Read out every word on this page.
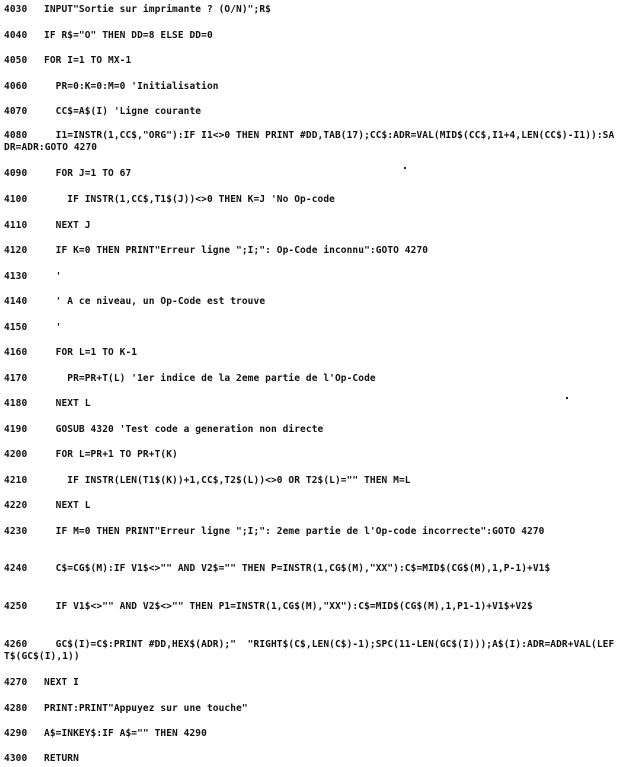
4030 INPUT"Sortie sur imprimante ? (O/N)";R$
4040 IF R$="O" THEN DD=8 ELSE DD=0
4050 FOR I=1 TO MX-1
4060  PR=0:K=0:M=0 'Initialisation
4070  CC$=A$(I) 'Ligne courante
4080  I1=INSTR(1,CC$,"ORG"):IF I1<>0 THEN PRINT #DD,TAB(17);CC$:ADR=VAL(MID$(CC$,I1+4,LEN(CC$)-I1)):SADR=ADR:GOTO 4270
4090  FOR J=1 TO 67
4100    IF INSTR(1,CC$,T1$(J))<>0 THEN K=J 'No Op-code
4110  NEXT J
4120  IF K=0 THEN PRINT"Erreur ligne ";I;": Op-Code inconnu":GOTO 4270
4130  '
4140  ' A ce niveau, un Op-Code est trouve
4150  '
4160  FOR L=1 TO K-1
4170    PR=PR+T(L) '1er indice de la 2eme partie de l'Op-Code
4180  NEXT L
4190  GOSUB 4320 'Test code a generation non directe
4200  FOR L=PR+1 TO PR+T(K)
4210    IF INSTR(LEN(T1$(K))+1,CC$,T2$(L))<>0 OR T2$(L)="" THEN M=L
4220  NEXT L
4230  IF M=0 THEN PRINT"Erreur ligne ";I;": 2eme partie de l'Op-code incorrecte":GOTO 4270
4240  C$=CG$(M):IF V1$<>"" AND V2$="" THEN P=INSTR(1,CG$(M),"XX"):C$=MID$(CG$(M),1,P-1)+V1$
4250  IF V1$<>"" AND V2$<>"" THEN P1=INSTR(1,CG$(M),"XX"):C$=MID$(CG$(M),1,P1-1)+V1$+V2$
4260  GC$(I)=C$:PRINT #DD,HEX$(ADR);"  "RIGHT$(C$,LEN(C$)-1);SPC(11-LEN(GC$(I)));A$(I):ADR=ADR+VAL(LEFT$(GC$(I),1))
4270 NEXT I
4280 PRINT:PRINT"Appuyez sur une touche"
4290 A$=INKEY$:IF A$="" THEN 4290
4300 RETURN
